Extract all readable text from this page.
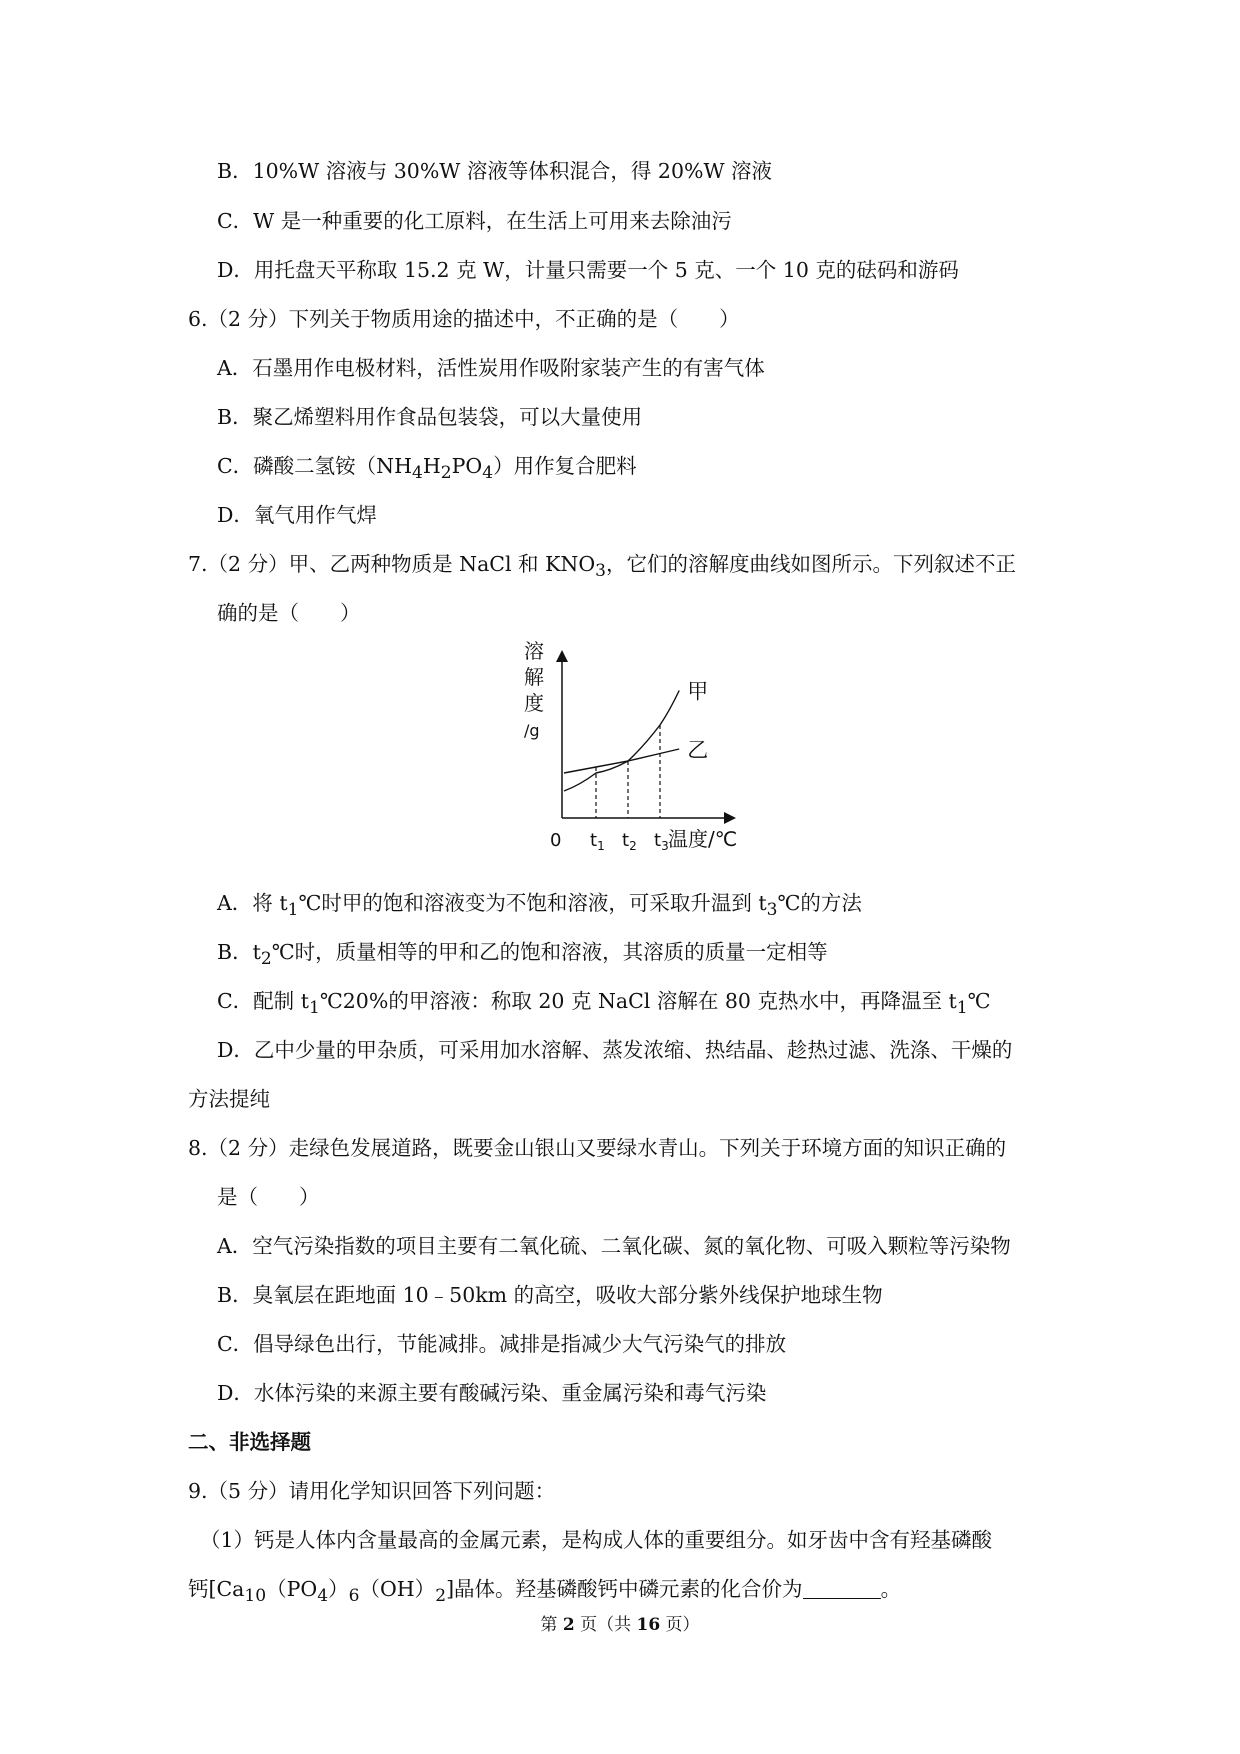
B．10%W 溶液与 30%W 溶液等体积混合，得 20%W 溶液
C．W 是一种重要的化工原料，在生活上可用来去除油污
D．用托盘天平称取 15.2 克 W，计量只需要一个 5 克、一个 10 克的砝码和游码
6.（2 分）下列关于物质用途的描述中，不正确的是（　　）
A．石墨用作电极材料，活性炭用作吸附家装产生的有害气体
B．聚乙烯塑料用作食品包装袋，可以大量使用
C．磷酸二氢铵$(NH_4H_2PO_4)$用作复合肥料
D．氧气用作气焊
7.（2 分）甲、乙两种物质是 NaCl 和 $KNO_3$，它们的溶解度曲线如图所示。下列叙述不正
确的是（　　）
溶
解
度
/g
0 $t_1$ $t_2$ $t_3$ 温度/℃
甲
乙
A．将 $t_1℃$时甲的饱和溶液变为不饱和溶液，可采取升温到 $t_3℃$的方法
B．$t_2℃$时，质量相等的甲和乙的饱和溶液，其溶质的质量一定相等
C．配制 $t_1℃20\%$的甲溶液：称取 20 克 NaCl 溶解在 80 克热水中，再降温至 $t_1℃$
D．乙中少量的甲杂质，可采用加水溶解、蒸发浓缩、热结晶、趁热过滤、洗涤、干燥的
方法提纯
8.（2 分）走绿色发展道路，既要金山银山又要绿水青山。下列关于环境方面的知识正确的
是（　　）
A．空气污染指数的项目主要有二氧化硫、二氧化碳、氮的氧化物、可吸入颗粒等污染物
B．臭氧层在距地面 10﹣50km 的高空，吸收大部分紫外线保护地球生物
C．倡导绿色出行，节能减排。减排是指减少大气污染气的排放
D．水体污染的来源主要有酸碱污染、重金属污染和毒气污染
二、非选择题
9.（5 分）请用化学知识回答下列问题：
（1）钙是人体内含量最高的金属元素，是构成人体的重要组分。如牙齿中含有羟基磷酸
钙$[Ca_{10}(PO_4)_6(OH)_2]$晶体。羟基磷酸钙中磷元素的化合价为	。
第 2 页（共 16 页）
